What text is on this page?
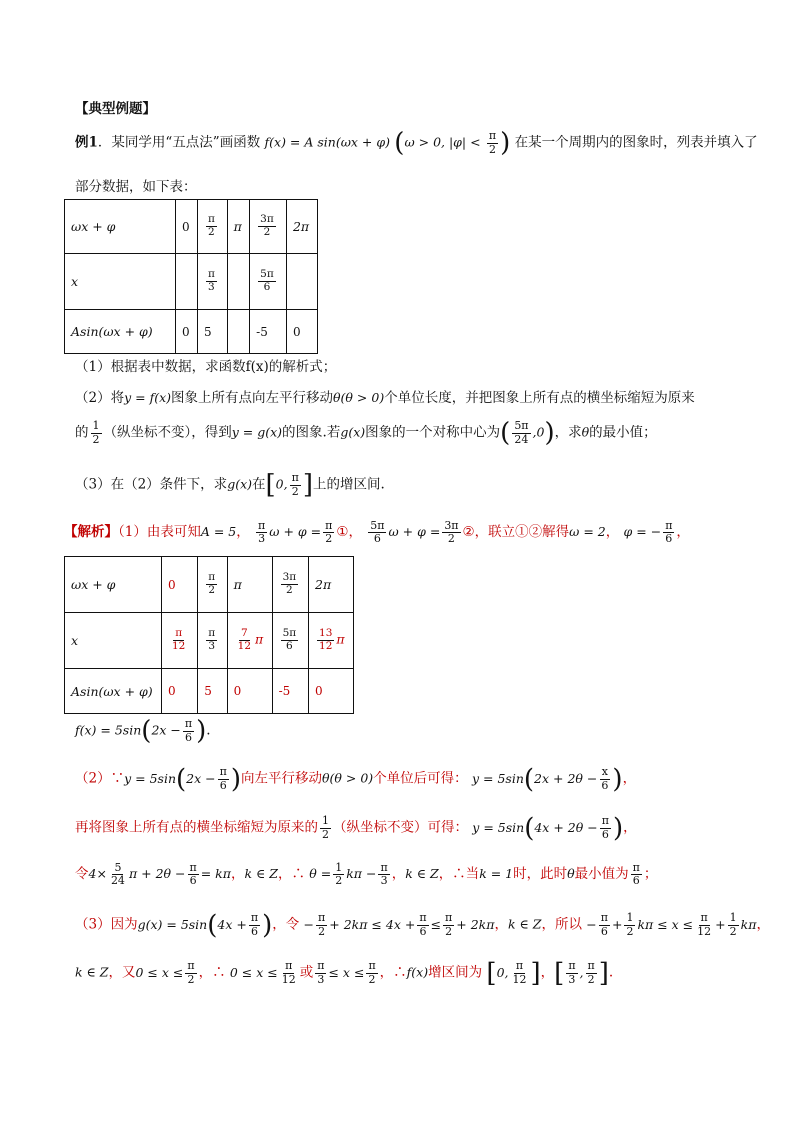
【典型例题】
例1．某同学用“五点法”画函数 f(x) = A sin(ωx + φ) (ω > 0, $|\varphi| < \frac{\pi}{2}$ ) 在某一个周期内的图象时，列表并填入了
部分数据，如下表：
ωx + φ	0	$\frac{\pi}{2}$	π	$\frac{3\pi}{2}$	2π
x		$\frac{\pi}{3}$		$\frac{5\pi}{6}$

Asin(ωx + φ)	0	5		-5	0
（1）根据表中数据，求函数f(x)的解析式；
（2）将y = f(x)图象上所有点向左平行移动θ(θ > 0)个单位长度，并把图象上所有点的横坐标缩短为原来
的 $\frac{1}{2}$ （纵坐标不变），得到y = g(x)的图象.若g(x)图象的一个对称中心为( $\frac{5\pi}{24} ,0$)，求θ的最小值；
（3）在（2）条件下，求g(x)在[0, $\frac{\pi}{2}$ ]上的增区间.
【解析】（1）由表可知A = 5， $\frac{\pi}{3}$ $\omega + \varphi = \frac{\pi}{2}$ ①， $\frac{5\pi}{6}$ $\omega + \varphi = \frac{3\pi}{2}$ ②，联立①②解得ω = 2， φ = − $\frac{\pi}{6}$ ，
ωx + φ	0	$\frac{\pi}{2}$	π	$\frac{3\pi}{2}$	2π
x	$\frac{\pi}{12}$	$\frac{\pi}{3}$	$\frac{7}{12}$ π	$\frac{5\pi}{6}$	$\frac{13}{12}$ π
Asin(ωx + φ)	0	5	0	-5	0
$f(x) = 5\sin(2x - \frac{\pi}{6}$ ).
（2）∵y = $5\sin(2x - \frac{\pi}{6}$ )向左平行移动θ(θ > 0)个单位后可得： $y = 5\sin(2x + 2\theta - \frac{x}{6}$ )，
再将图象上所有点的横坐标缩短为原来的 $\frac{1}{2}$ （纵坐标不变）可得： $y = 5\sin(4x + 2\theta - \frac{\pi}{6}$ )，
令$4\times \frac{5}{24}$ $\pi + 2\theta - \frac{\pi}{6} = k\pi$，k ∈ Z，∴ $\theta = \frac{1}{2}$ $k\pi - \frac{\pi}{3}$ ，k ∈ Z，∴当k = 1时，此时θ最小值为 $\frac{\pi}{6}$ ；
（3）因为$g(x) = 5\sin(4x + \frac{\pi}{6}$ )，令 − $\frac{\pi}{2} + 2k\pi \le 4x + \frac{\pi}{6} \le \frac{\pi}{2} + 2k\pi$，k ∈ Z，所以 − $\frac{\pi}{6} + \frac{1}{2}$ $k\pi \le x \le \frac{\pi}{12} + \frac{1}{2}$ kπ，
k ∈ Z，又$0 \le x \le \frac{\pi}{2}$ ，∴ $0 \le x \le \frac{\pi}{12}$ 或 $\frac{\pi}{3} \le x \le \frac{\pi}{2}$ ，∴f(x)增区间为 [0, $\frac{\pi}{12}$ ]，[ $\frac{\pi}{3}$ , $\frac{\pi}{2}$ ].
